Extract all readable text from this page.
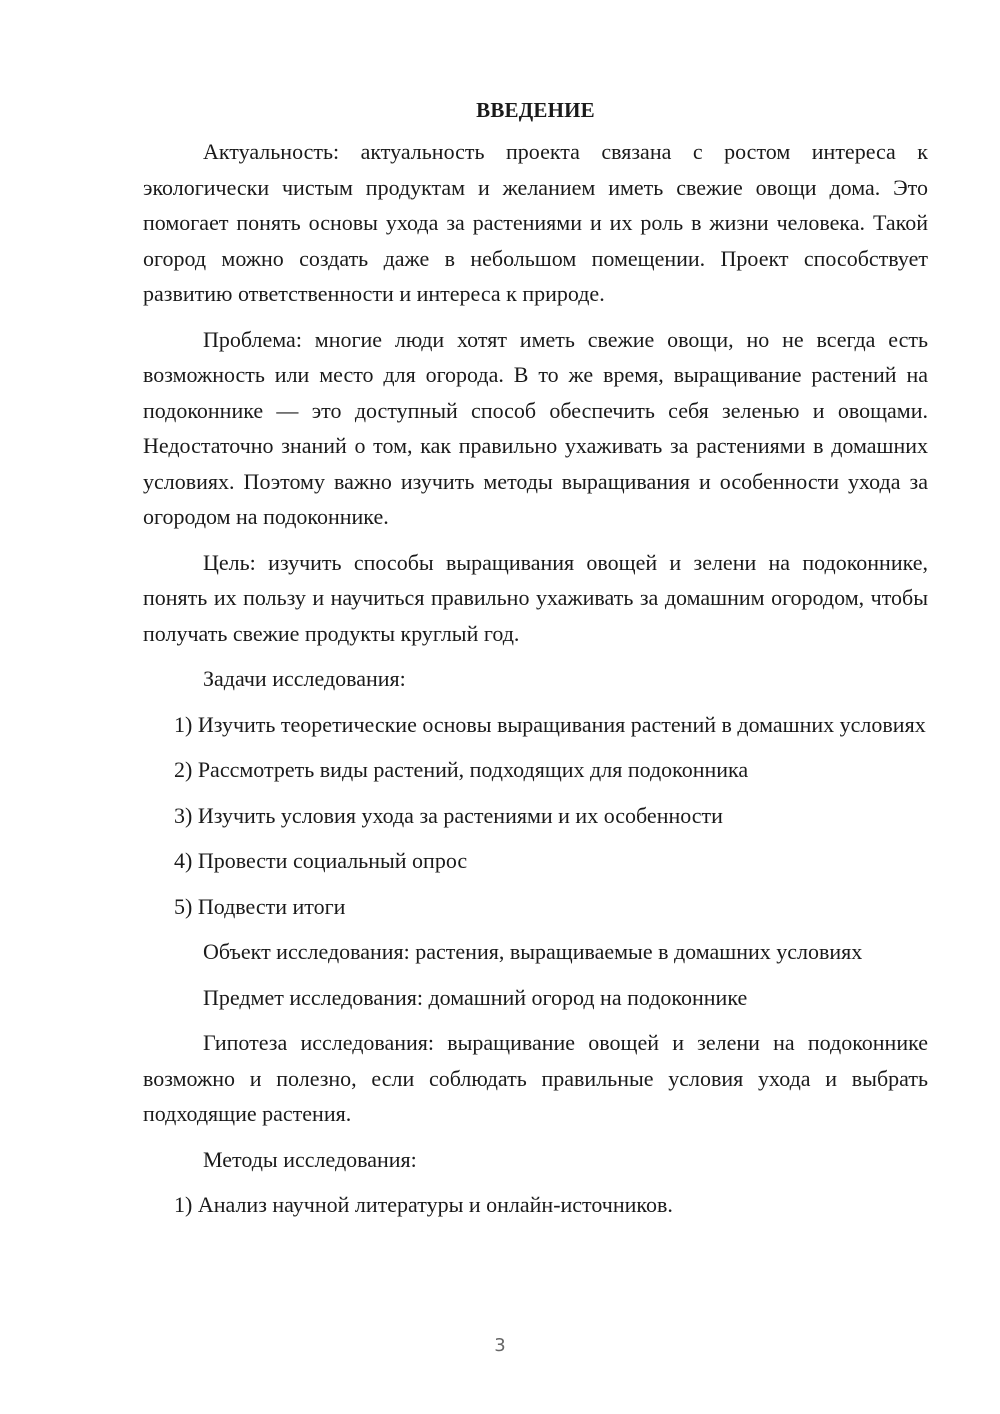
ВВЕДЕНИЕ

Актуальность: актуальность проекта связана с ростом интереса к экологически чистым продуктам и желанием иметь свежие овощи дома. Это помогает понять основы ухода за растениями и их роль в жизни человека. Такой огород можно создать даже в небольшом помещении. Проект способствует развитию ответственности и интереса к природе.

Проблема: многие люди хотят иметь свежие овощи, но не всегда есть возможность или место для огорода. В то же время, выращивание растений на подоконнике — это доступный способ обеспечить себя зеленью и овощами. Недостаточно знаний о том, как правильно ухаживать за растениями в домашних условиях. Поэтому важно изучить методы выращивания и особенности ухода за огородом на подоконнике.

Цель: изучить способы выращивания овощей и зелени на подоконнике, понять их пользу и научиться правильно ухаживать за домашним огородом, чтобы получать свежие продукты круглый год.

Задачи исследования:

1) Изучить теоретические основы выращивания растений в домашних условиях

2) Рассмотреть виды растений, подходящих для подоконника

3) Изучить условия ухода за растениями и их особенности

4) Провести социальный опрос

5) Подвести итоги

Объект исследования: растения, выращиваемые в домашних условиях

Предмет исследования: домашний огород на подоконнике

Гипотеза исследования: выращивание овощей и зелени на подоконнике возможно и полезно, если соблюдать правильные условия ухода и выбрать подходящие растения.

Методы исследования:

1) Анализ научной литературы и онлайн-источников.

3
